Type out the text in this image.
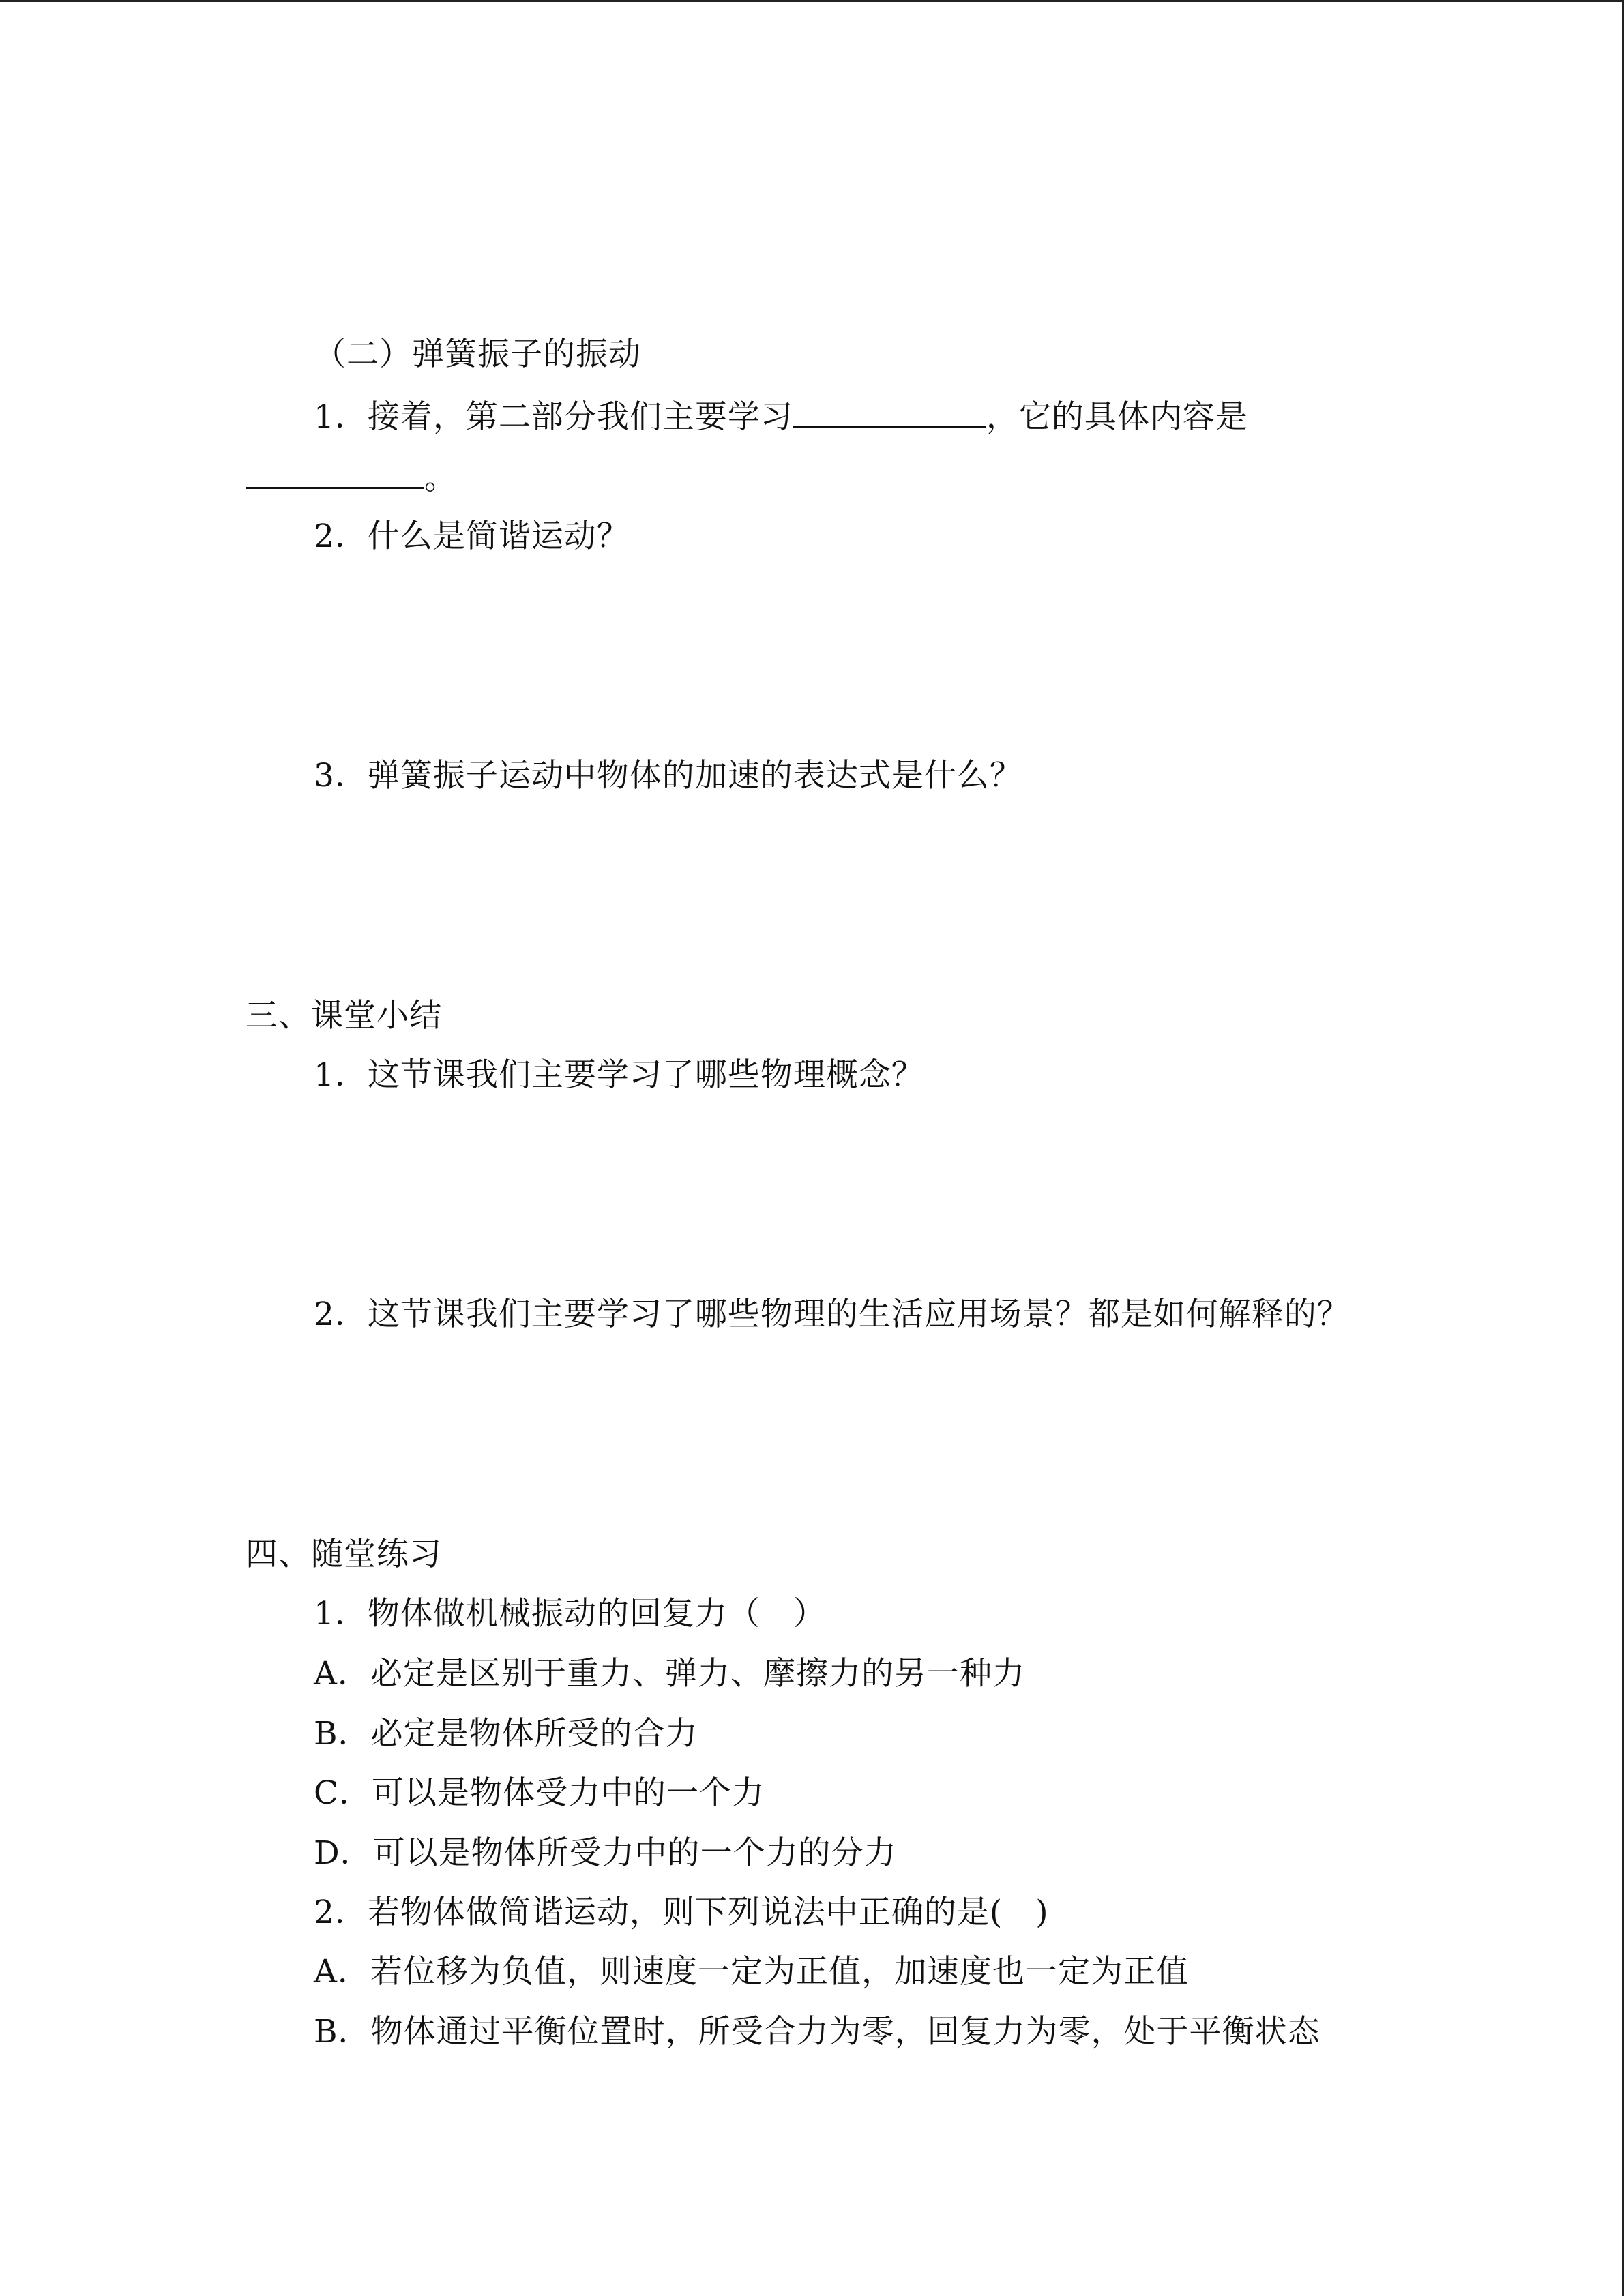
（二）弹簧振子的振动
1．接着，第二部分我们主要学习	，它的具体内容是
。
2．什么是简谐运动？
3．弹簧振子运动中物体的加速的表达式是什么？
三、课堂小结
1．这节课我们主要学习了哪些物理概念？
2．这节课我们主要学习了哪些物理的生活应用场景？都是如何解释的？
四、随堂练习
1．物体做机械振动的回复力（　）
A．必定是区别于重力、弹力、摩擦力的另一种力
B．必定是物体所受的合力
C．可以是物体受力中的一个力
D．可以是物体所受力中的一个力的分力
2．若物体做简谐运动，则下列说法中正确的是(　)
A．若位移为负值，则速度一定为正值，加速度也一定为正值
B．物体通过平衡位置时，所受合力为零，回复力为零，处于平衡状态
